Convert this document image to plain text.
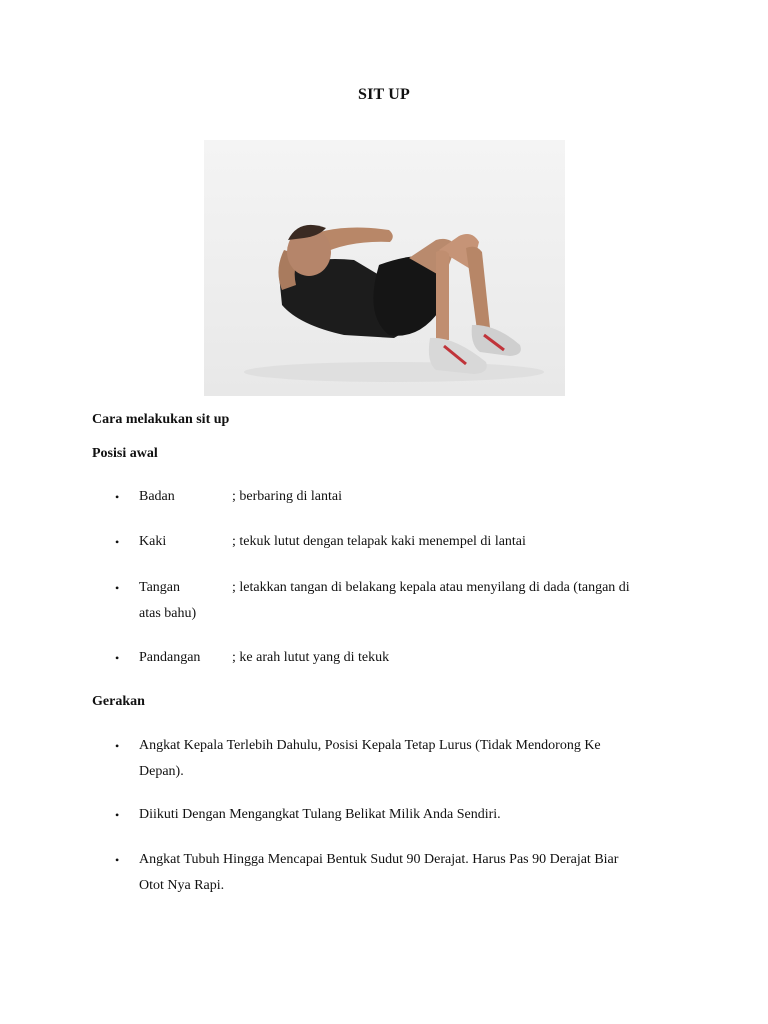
SIT UP
Cara melakukan sit up
Posisi awal
•	Badan	; berbaring di lantai
•	Kaki	; tekuk lutut dengan telapak kaki menempel di lantai
•	Tangan	; letakkan tangan di belakang kepala atau menyilang di dada (tangan di
atas bahu)
•	Pandangan ; ke arah lutut yang di tekuk
Gerakan
•	Angkat Kepala Terlebih Dahulu, Posisi Kepala Tetap Lurus (Tidak Mendorong Ke
Depan).
•	Diikuti Dengan Mengangkat Tulang Belikat Milik Anda Sendiri.
•	Angkat Tubuh Hingga Mencapai Bentuk Sudut 90 Derajat. Harus Pas 90 Derajat Biar
Otot Nya Rapi.
